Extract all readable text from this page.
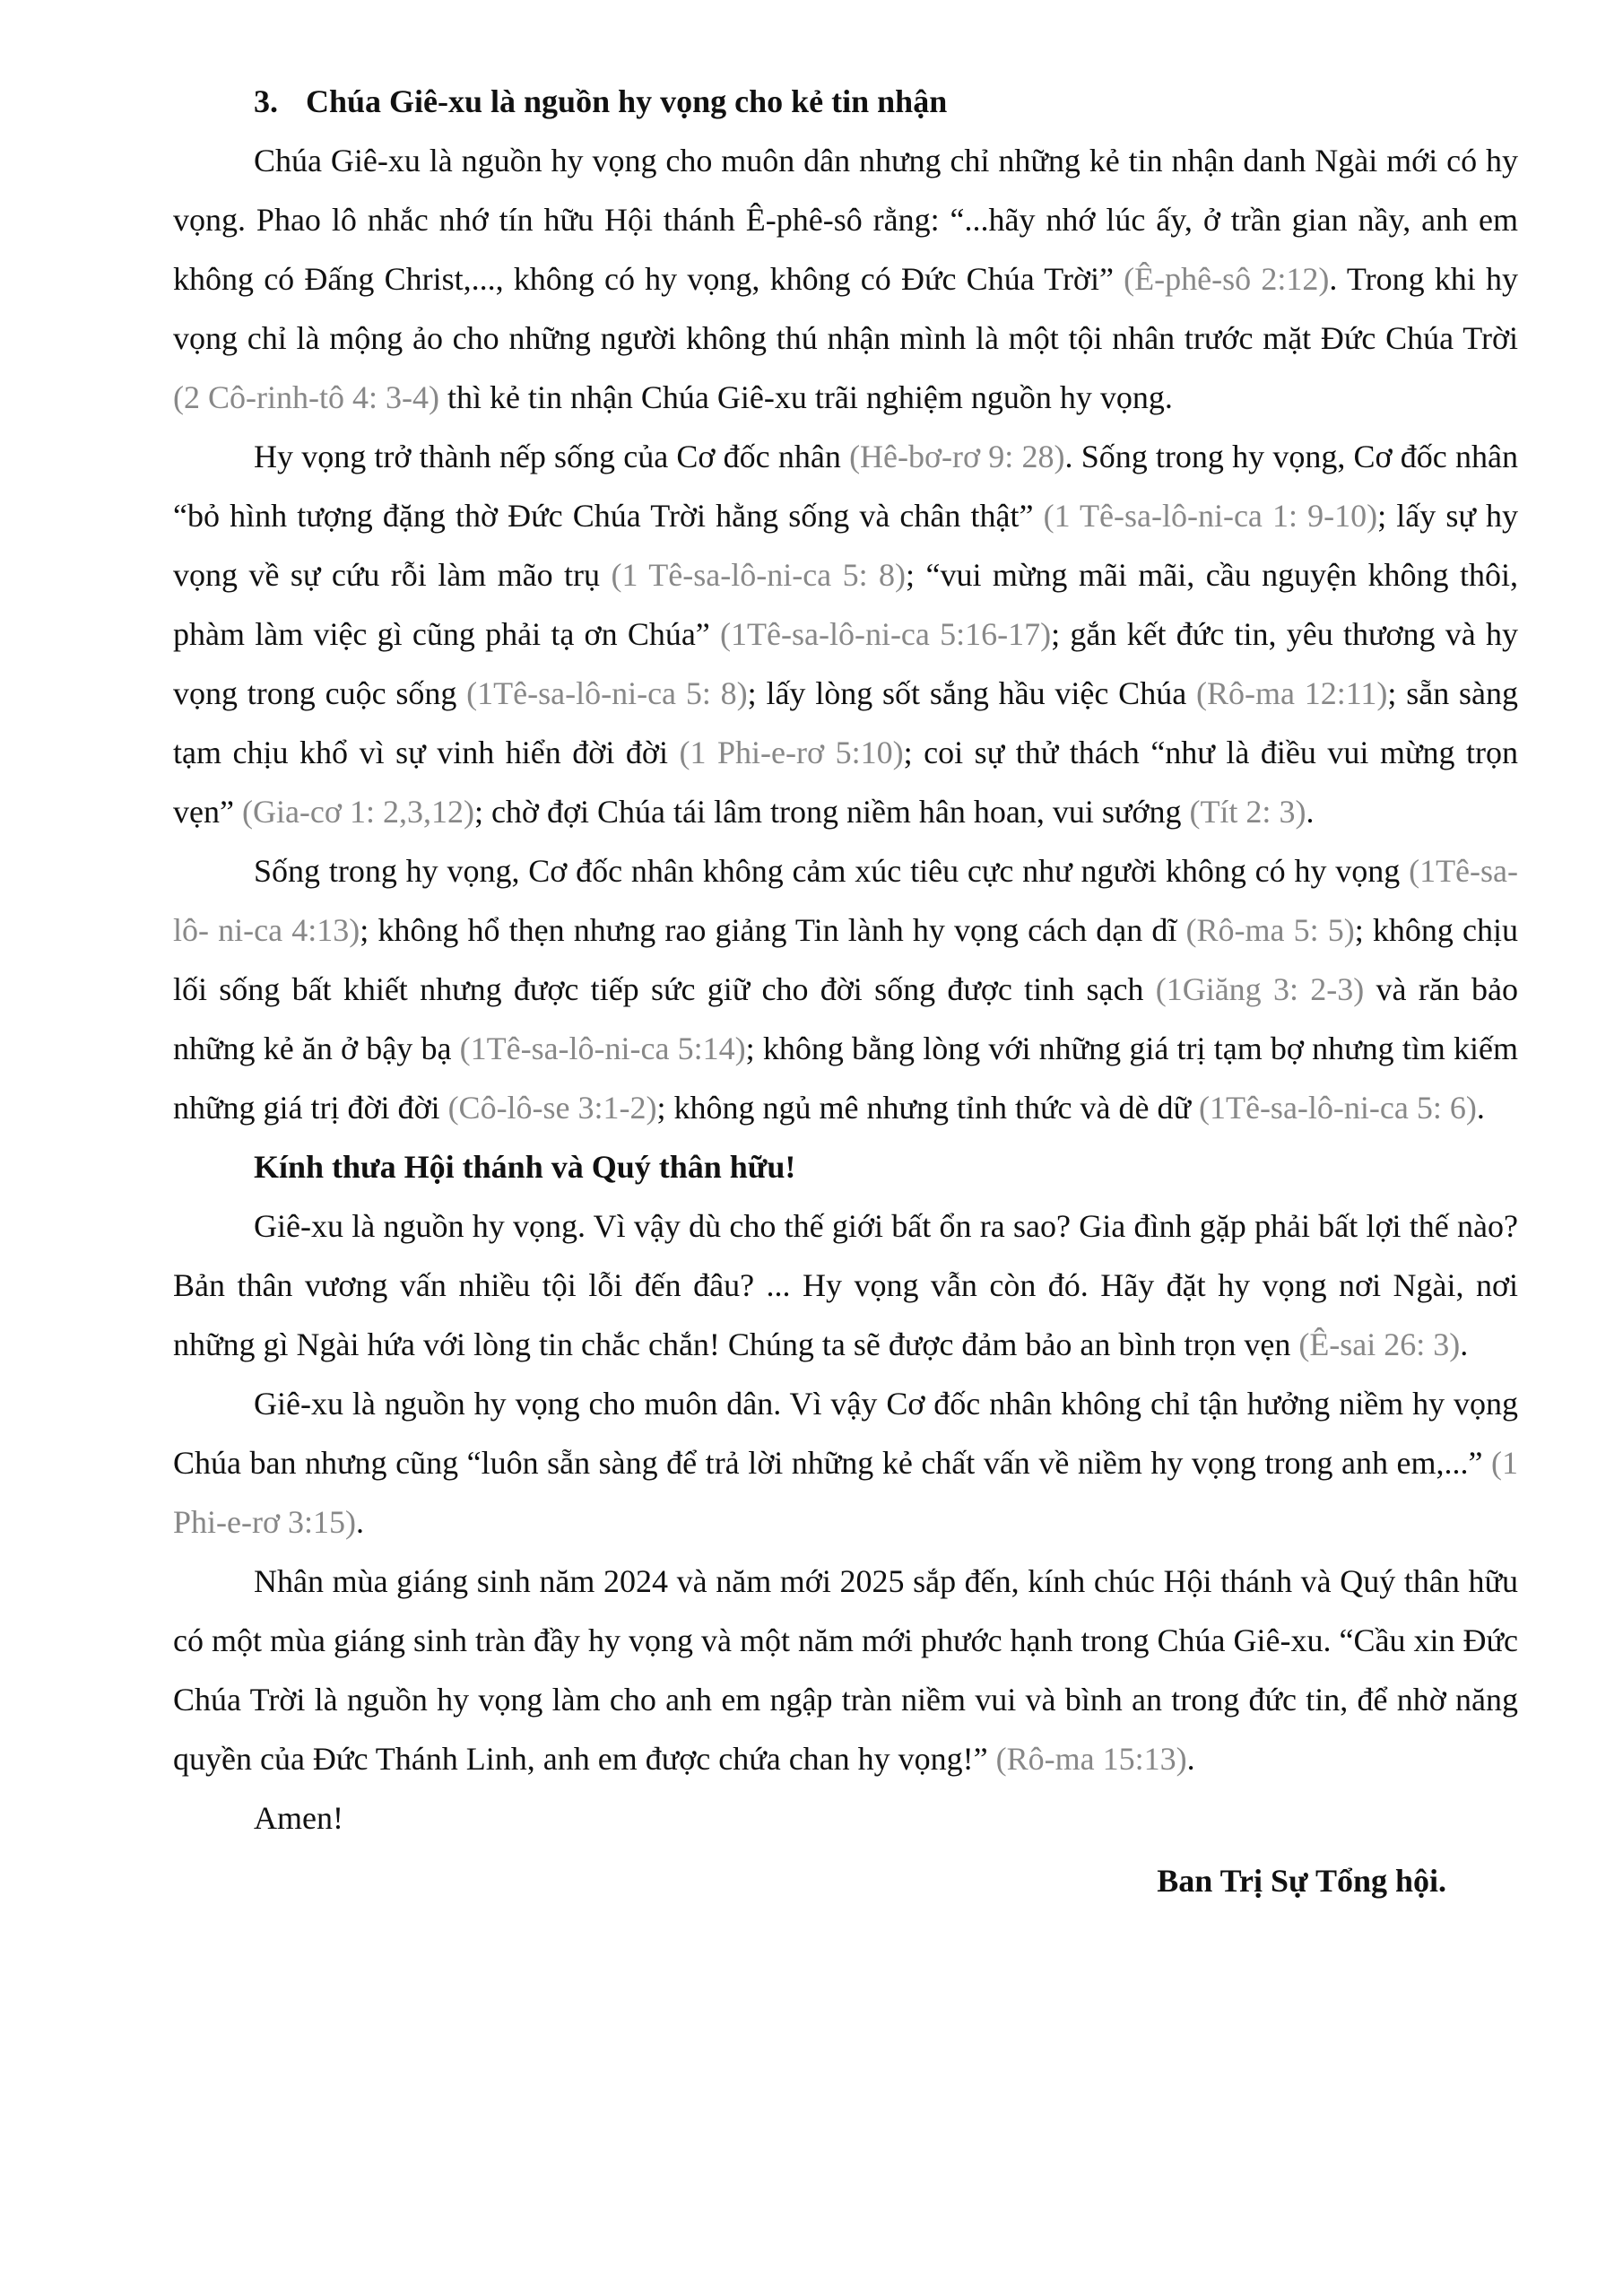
3. Chúa Giê-xu là nguồn hy vọng cho kẻ tin nhận

Chúa Giê-xu là nguồn hy vọng cho muôn dân nhưng chỉ những kẻ tin nhận danh Ngài mới có hy vọng. Phao lô nhắc nhớ tín hữu Hội thánh Ê-phê-sô rằng: “...hãy nhớ lúc ấy, ở trần gian nầy, anh em không có Đấng Christ,..., không có hy vọng, không có Đức Chúa Trời” (Ê-phê-sô 2:12). Trong khi hy vọng chỉ là mộng ảo cho những người không thú nhận mình là một tội nhân trước mặt Đức Chúa Trời (2 Cô-rinh-tô 4: 3-4) thì kẻ tin nhận Chúa Giê-xu trãi nghiệm nguồn hy vọng.

Hy vọng trở thành nếp sống của Cơ đốc nhân (Hê-bơ-rơ 9: 28). Sống trong hy vọng, Cơ đốc nhân “bỏ hình tượng đặng thờ Đức Chúa Trời hằng sống và chân thật” (1 Tê-sa-lô-ni-ca 1: 9-10); lấy sự hy vọng về sự cứu rỗi làm mão trụ (1 Tê-sa-lô-ni-ca 5: 8); “vui mừng mãi mãi, cầu nguyện không thôi, phàm làm việc gì cũng phải tạ ơn Chúa” (1Tê-sa-lô-ni-ca 5:16-17); gắn kết đức tin, yêu thương và hy vọng trong cuộc sống (1Tê-sa-lô-ni-ca 5: 8); lấy lòng sốt sắng hầu việc Chúa (Rô-ma 12:11); sẵn sàng tạm chịu khổ vì sự vinh hiển đời đời (1 Phi-e-rơ 5:10); coi sự thử thách “như là điều vui mừng trọn vẹn” (Gia-cơ 1: 2,3,12); chờ đợi Chúa tái lâm trong niềm hân hoan, vui sướng (Tít 2: 3).

Sống trong hy vọng, Cơ đốc nhân không cảm xúc tiêu cực như người không có hy vọng (1Tê-sa-lô- ni-ca 4:13); không hổ thẹn nhưng rao giảng Tin lành hy vọng cách dạn dĩ (Rô-ma 5: 5); không chịu lối sống bất khiết nhưng được tiếp sức giữ cho đời sống được tinh sạch (1Giăng 3: 2-3) và răn bảo những kẻ ăn ở bậy bạ (1Tê-sa-lô-ni-ca 5:14); không bằng lòng với những giá trị tạm bợ nhưng tìm kiếm những giá trị đời đời (Cô-lô-se 3:1-2); không ngủ mê nhưng tỉnh thức và dè dữ (1Tê-sa-lô-ni-ca 5: 6).

Kính thưa Hội thánh và Quý thân hữu!

Giê-xu là nguồn hy vọng. Vì vậy dù cho thế giới bất ổn ra sao? Gia đình gặp phải bất lợi thế nào? Bản thân vương vấn nhiều tội lỗi đến đâu? ... Hy vọng vẫn còn đó. Hãy đặt hy vọng nơi Ngài, nơi những gì Ngài hứa với lòng tin chắc chắn! Chúng ta sẽ được đảm bảo an bình trọn vẹn (Ê-sai 26: 3).

Giê-xu là nguồn hy vọng cho muôn dân. Vì vậy Cơ đốc nhân không chỉ tận hưởng niềm hy vọng Chúa ban nhưng cũng “luôn sẵn sàng để trả lời những kẻ chất vấn về niềm hy vọng trong anh em,...” (1 Phi-e-rơ 3:15).

Nhân mùa giáng sinh năm 2024 và năm mới 2025 sắp đến, kính chúc Hội thánh và Quý thân hữu có một mùa giáng sinh tràn đầy hy vọng và một năm mới phước hạnh trong Chúa Giê-xu. “Cầu xin Đức Chúa Trời là nguồn hy vọng làm cho anh em ngập tràn niềm vui và bình an trong đức tin, để nhờ năng quyền của Đức Thánh Linh, anh em được chứa chan hy vọng!” (Rô-ma 15:13).

Amen!

Ban Trị Sự Tổng hội.
